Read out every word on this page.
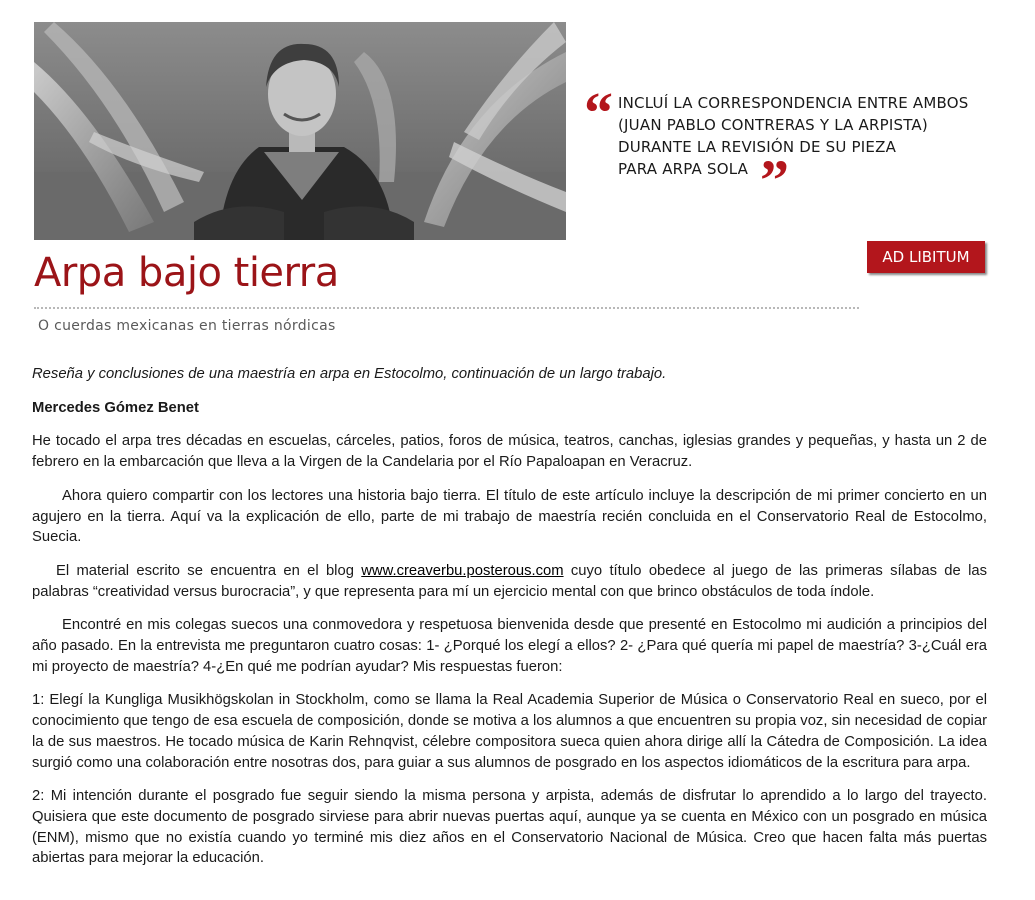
“ INCLUÍ LA CORRESPONDENCIA ENTRE AMBOS
(JUAN PABLO CONTRERAS Y LA ARPISTA)
DURANTE LA REVISIÓN DE SU PIEZA
PARA ARPA SOLA ”
AD LIBITUM
Arpa bajo tierra

O cuerdas mexicanas en tierras nórdicas

Reseña y conclusiones de una maestría en arpa en Estocolmo, continuación de un largo trabajo.

Mercedes Gómez Benet

He tocado el arpa tres décadas en escuelas, cárceles, patios, foros de música, teatros, canchas, iglesias grandes y pequeñas, y hasta un 2 de febrero en la embarcación que lleva a la Virgen de la Candelaria por el Río Papaloapan en Veracruz.

Ahora quiero compartir con los lectores una historia bajo tierra. El título de este artículo incluye la descripción de mi primer concierto en un agujero en la tierra. Aquí va la explicación de ello, parte de mi trabajo de maestría recién concluida en el Conservatorio Real de Estocolmo, Suecia.

El material escrito se encuentra en el blog www.creaverbu.posterous.com cuyo título obedece al juego de las primeras sílabas de las palabras “creatividad versus burocracia”, y que representa para mí un ejercicio mental con que brinco obstáculos de toda índole.

Encontré en mis colegas suecos una conmovedora y respetuosa bienvenida desde que presenté en Estocolmo mi audición a principios del año pasado. En la entrevista me preguntaron cuatro cosas: 1- ¿Porqué los elegí a ellos? 2- ¿Para qué quería mi papel de maestría? 3-¿Cuál era mi proyecto de maestría? 4-¿En qué me podrían ayudar? Mis respuestas fueron:

1: Elegí la Kungliga Musikhögskolan in Stockholm, como se llama la Real Academia Superior de Música o Conservatorio Real en sueco, por el conocimiento que tengo de esa escuela de composición, donde se motiva a los alumnos a que encuentren su propia voz, sin necesidad de copiar la de sus maestros. He tocado música de Karin Rehnqvist, célebre compositora sueca quien ahora dirige allí la Cátedra de Composición. La idea surgió como una colaboración entre nosotras dos, para guiar a sus alumnos de posgrado en los aspectos idiomáticos de la escritura para arpa.

2: Mi intención durante el posgrado fue seguir siendo la misma persona y arpista, además de disfrutar lo aprendido a lo largo del trayecto. Quisiera que este documento de posgrado sirviese para abrir nuevas puertas aquí, aunque ya se cuenta en México con un posgrado en música (ENM), mismo que no existía cuando yo terminé mis diez años en el Conservatorio Nacional de Música. Creo que hacen falta más puertas abiertas para mejorar la educación.
